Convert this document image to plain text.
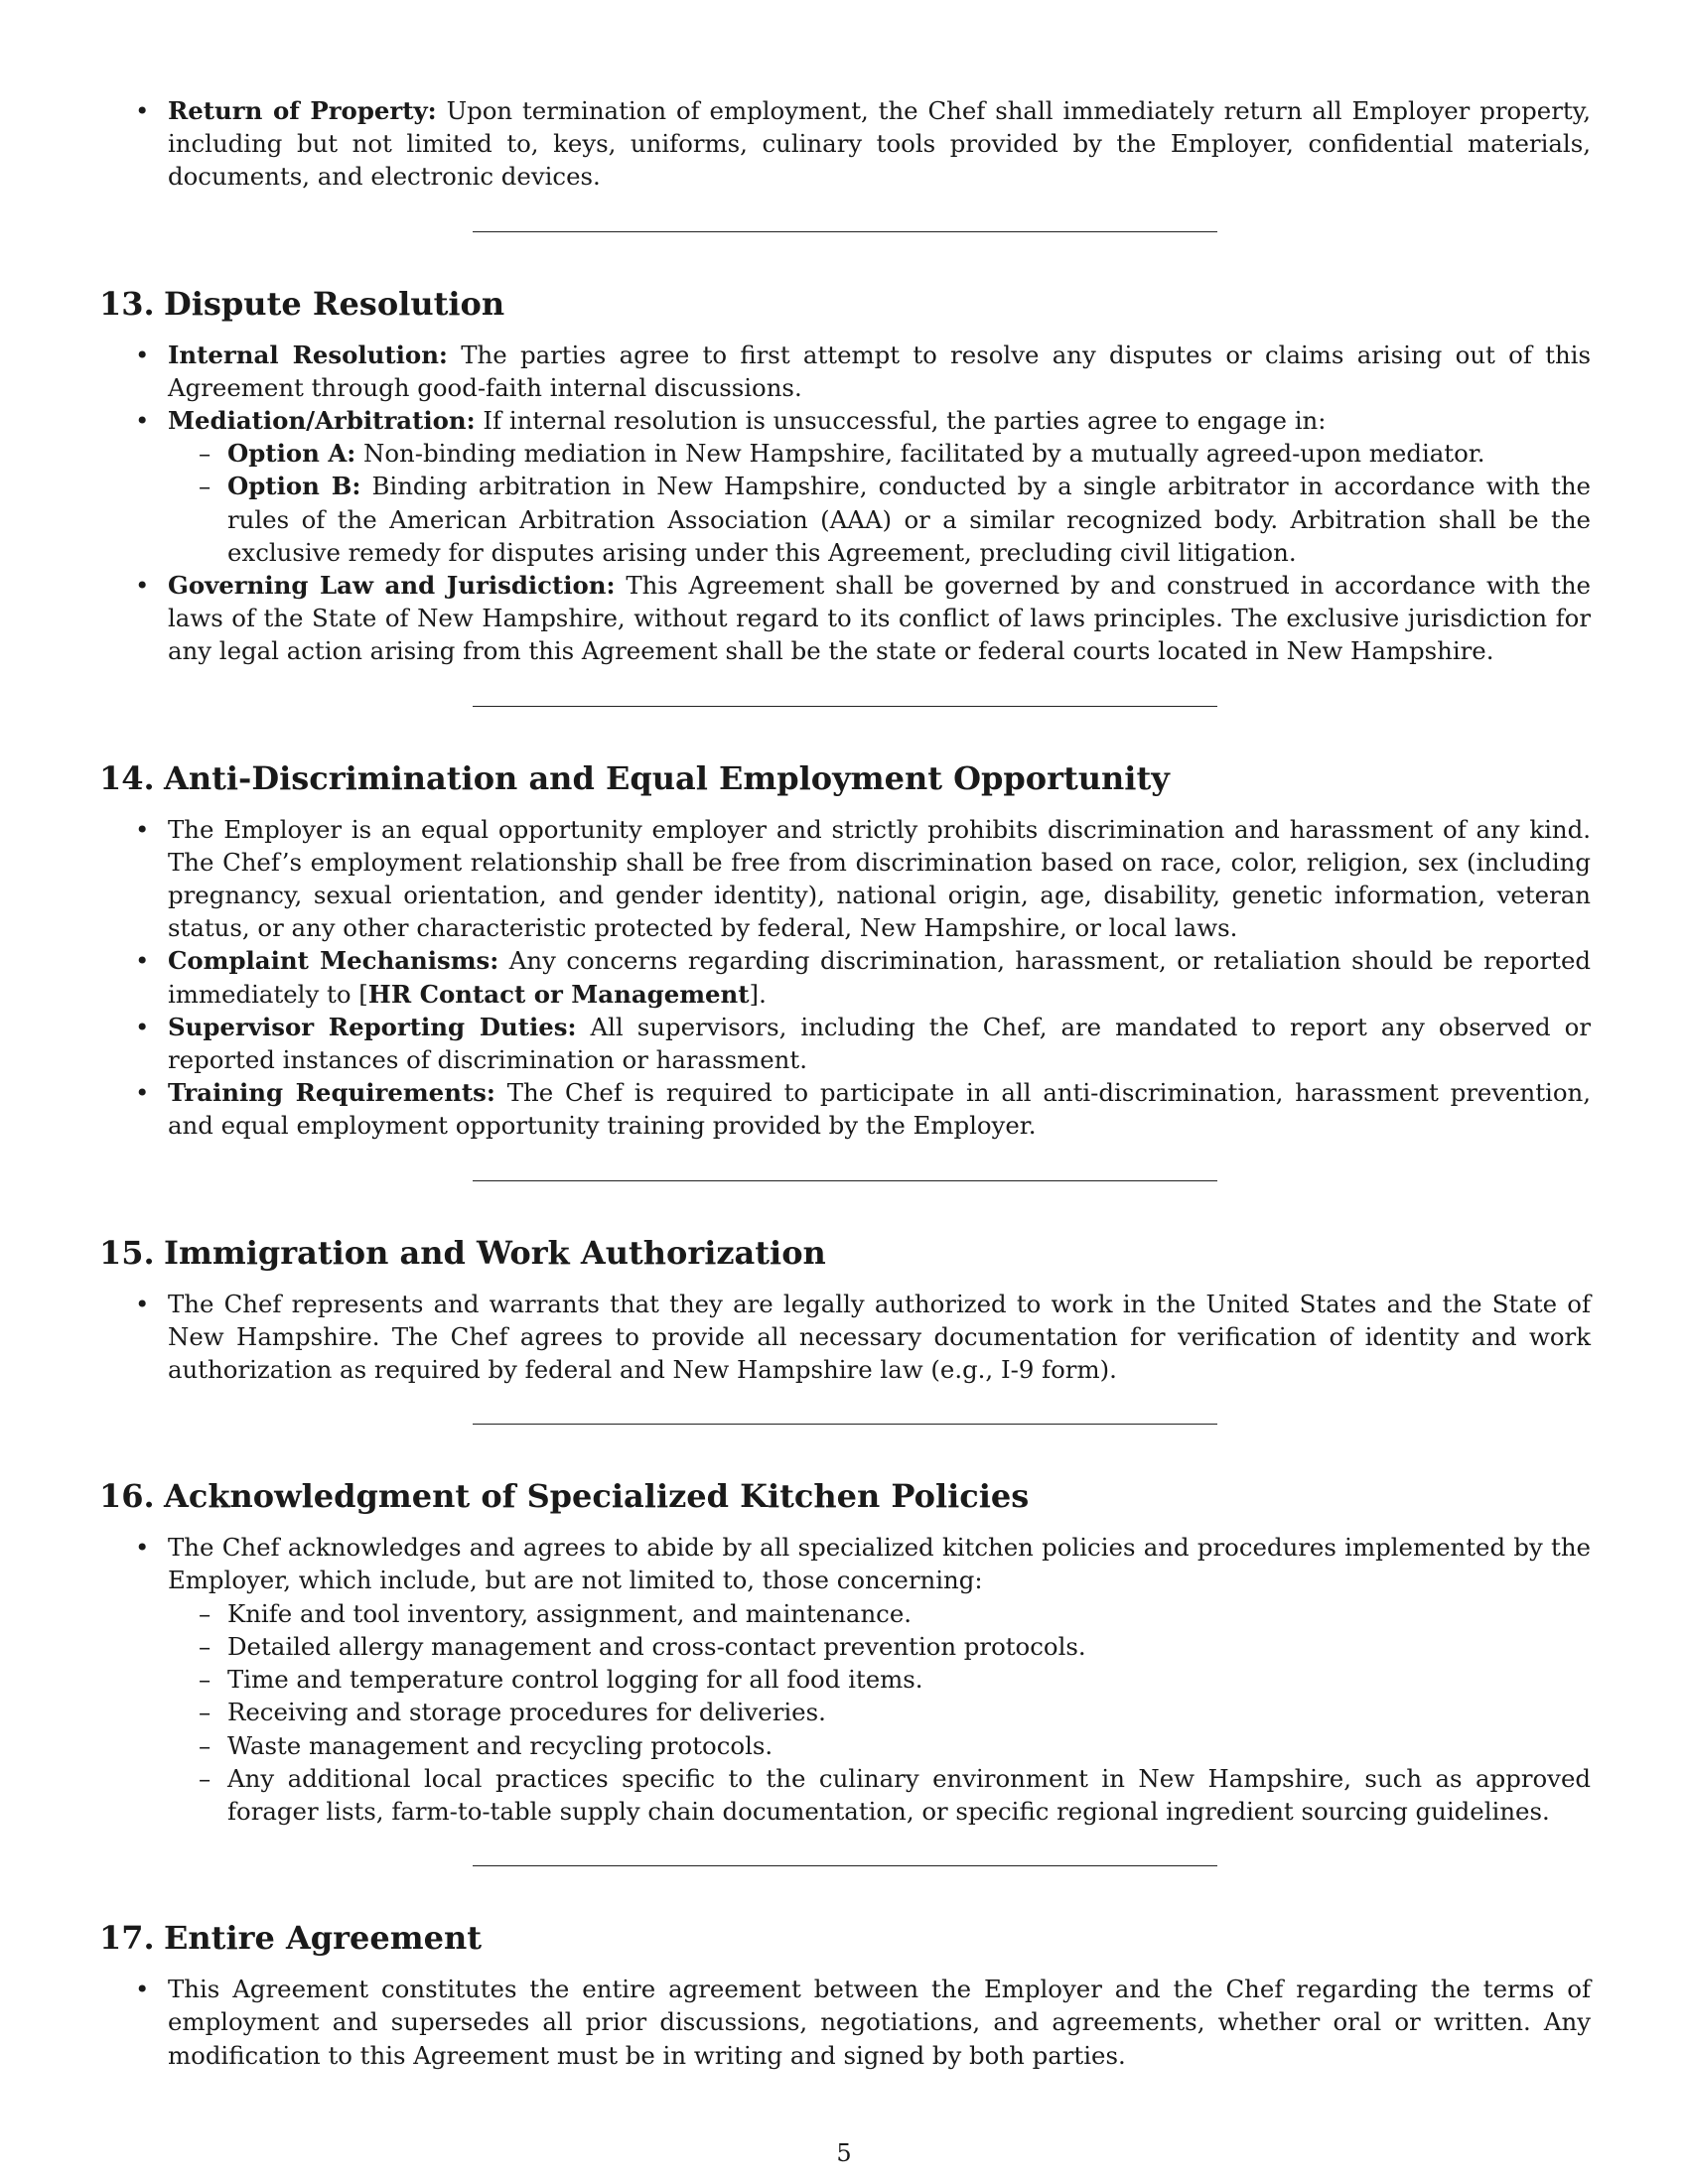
• Return of Property: Upon termination of employment, the Chef shall immediately return all Employer property, including but not limited to, keys, uniforms, culinary tools provided by the Employer, confidential materials, documents, and electronic devices.
13. Dispute Resolution
• Internal Resolution: The parties agree to first attempt to resolve any disputes or claims arising out of this Agreement through good-faith internal discussions.
• Mediation/Arbitration: If internal resolution is unsuccessful, the parties agree to engage in:
– Option A: Non-binding mediation in New Hampshire, facilitated by a mutually agreed-upon mediator.
– Option B: Binding arbitration in New Hampshire, conducted by a single arbitrator in accordance with the rules of the American Arbitration Association (AAA) or a similar recognized body. Arbitration shall be the exclusive remedy for disputes arising under this Agreement, precluding civil litigation.
• Governing Law and Jurisdiction: This Agreement shall be governed by and construed in accordance with the laws of the State of New Hampshire, without regard to its conflict of laws principles. The exclusive jurisdiction for any legal action arising from this Agreement shall be the state or federal courts located in New Hampshire.
14. Anti-Discrimination and Equal Employment Opportunity
• The Employer is an equal opportunity employer and strictly prohibits discrimination and harassment of any kind. The Chef’s employment relationship shall be free from discrimination based on race, color, religion, sex (including pregnancy, sexual orientation, and gender identity), national origin, age, disability, genetic information, veteran status, or any other characteristic protected by federal, New Hampshire, or local laws.
• Complaint Mechanisms: Any concerns regarding discrimination, harassment, or retaliation should be reported immediately to [HR Contact or Management].
• Supervisor Reporting Duties: All supervisors, including the Chef, are mandated to report any observed or reported instances of discrimination or harassment.
• Training Requirements: The Chef is required to participate in all anti-discrimination, harassment prevention, and equal employment opportunity training provided by the Employer.
15. Immigration and Work Authorization
• The Chef represents and warrants that they are legally authorized to work in the United States and the State of New Hampshire. The Chef agrees to provide all necessary documentation for verification of identity and work authorization as required by federal and New Hampshire law (e.g., I-9 form).
16. Acknowledgment of Specialized Kitchen Policies
• The Chef acknowledges and agrees to abide by all specialized kitchen policies and procedures implemented by the Employer, which include, but are not limited to, those concerning:
– Knife and tool inventory, assignment, and maintenance.
– Detailed allergy management and cross-contact prevention protocols.
– Time and temperature control logging for all food items.
– Receiving and storage procedures for deliveries.
– Waste management and recycling protocols.
– Any additional local practices specific to the culinary environment in New Hampshire, such as approved forager lists, farm-to-table supply chain documentation, or specific regional ingredient sourcing guidelines.
17. Entire Agreement
• This Agreement constitutes the entire agreement between the Employer and the Chef regarding the terms of employment and supersedes all prior discussions, negotiations, and agreements, whether oral or written. Any modification to this Agreement must be in writing and signed by both parties.
5
